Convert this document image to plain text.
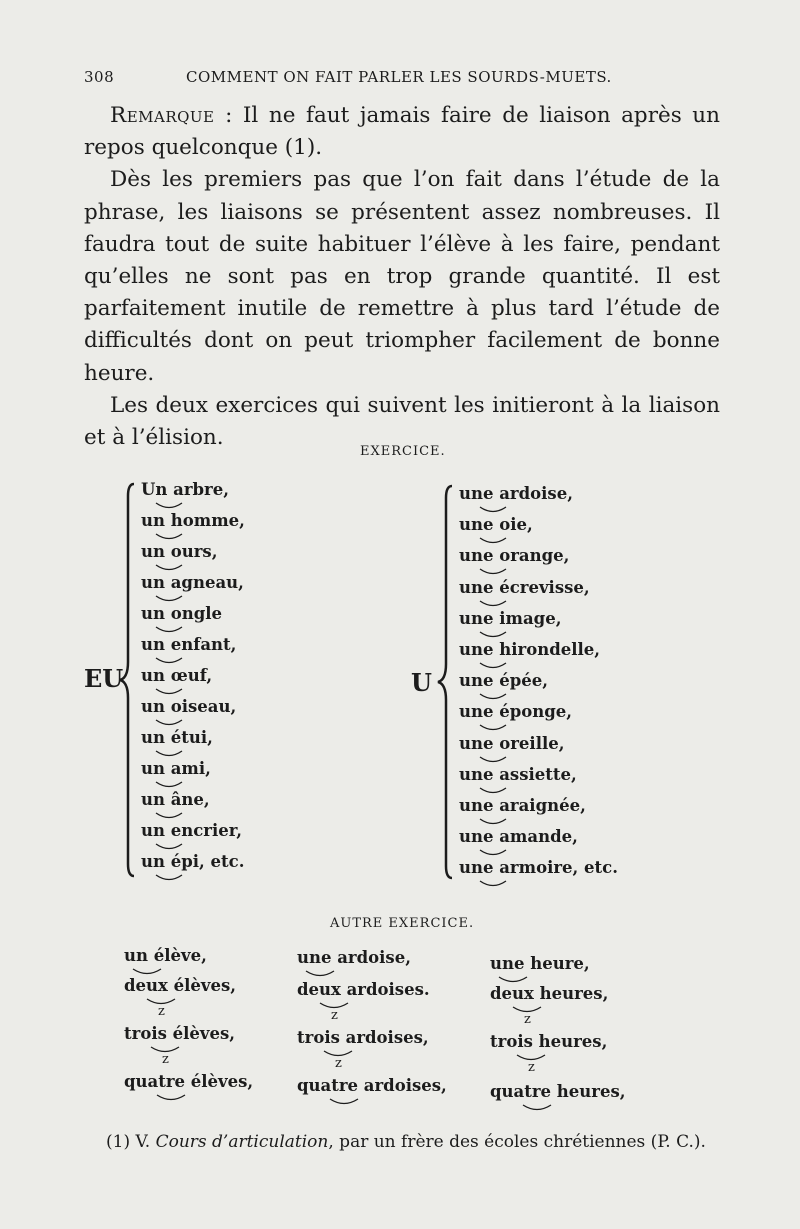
308	COMMENT ON FAIT PARLER LES SOURDS-MUETS.

Remarque : Il ne faut jamais faire de liaison après un repos quelconque (1).

Dès les premiers pas que l’on fait dans l’étude de la phrase, les liaisons se présentent assez nombreuses. Il faudra tout de suite habituer l’élève à les faire, pendant qu’elles ne sont pas en trop grande quantité. Il est parfaitement inutile de remettre à plus tard l’étude de difficultés dont on peut triompher facilement de bonne heure.

Les deux exercices qui suivent les initieront à la liaison et à l’élision.

EXERCICE.
EU
Un arbre,
un homme,
un ours,
un agneau,
un ongle
un enfant,
un œuf,
un oiseau,
un étui,
un ami,
un âne,
un encrier,
un épi, etc.
U
une ardoise,
une oie,
une orange,
une écrevisse,
une image,
une hirondelle,
une épée,
une éponge,
une oreille,
une assiette,
une araignée,
une amande,
une armoire, etc.
AUTRE EXERCICE.
un élève,
deux élèves,
z
trois élèves,
z
quatre élèves,
une ardoise,
deux ardoises.
z
trois ardoises,
z
quatre ardoises,
une heure,
deux heures,
z
trois heures,
z
quatre heures,
(1) V. Cours d’articulation, par un frère des écoles chrétiennes (P. C.).
